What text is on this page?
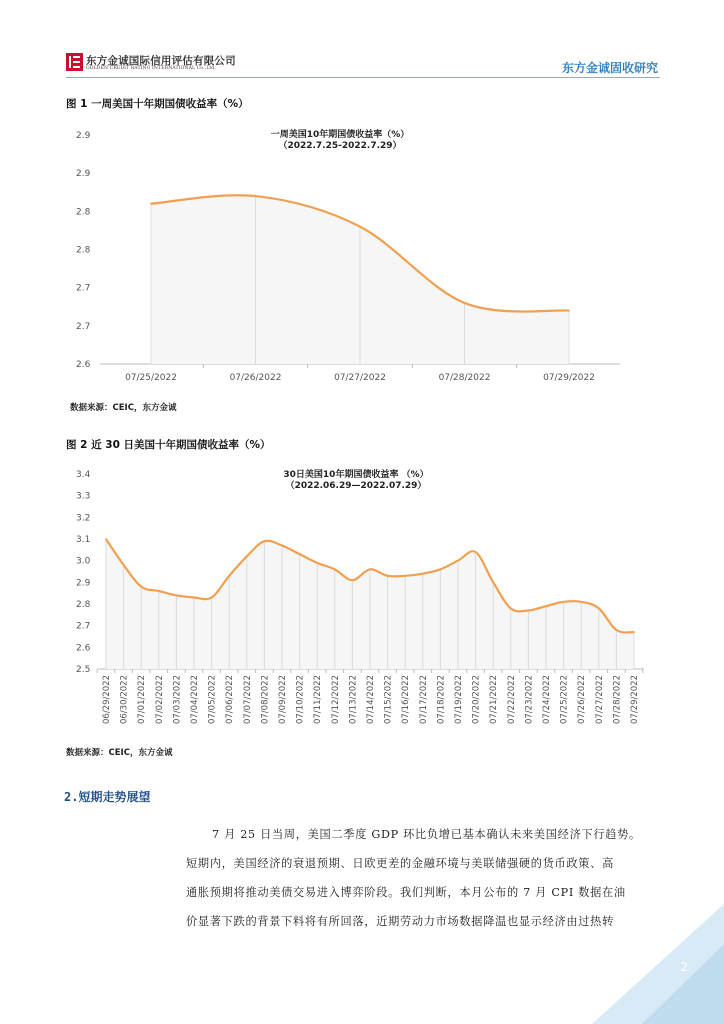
东方金诚国际信用评估有限公司
GOLDEN CREDIT RATING INTERNATIONAL Co.,Ltd.	东方金诚固收研究
图 1 一周美国十年期国债收益率（%）
一周美国10年期国债收益率（%）
（2022.7.25-2022.7.29）
2.9
2.9
2.8
2.8
2.7
2.7
2.6
07/25/2022	07/26/2022	07/27/2022	07/28/2022	07/29/2022
数据来源：CEIC，东方金诚
图 2 近 30 日美国十年期国债收益率（%）
30日美国10年期国债收益率 （%）
（2022.06.29—2022.07.29）
3.4
3.3
3.2
3.1
3.0
2.9
2.8
2.7
2.6
2.5
06/29/2022 06/30/2022 07/01/2022 07/02/2022 07/03/2022 07/04/2022 07/05/2022 07/06/2022 07/07/2022 07/08/2022 07/09/2022 07/10/2022 07/11/2022 07/12/2022 07/13/2022 07/14/2022 07/15/2022 07/16/2022 07/17/2022 07/18/2022 07/19/2022 07/20/2022 07/21/2022 07/22/2022 07/23/2022 07/24/2022 07/25/2022 07/26/2022 07/27/2022 07/28/2022 07/29/2022
数据来源：CEIC，东方金诚
2.短期走势展望
7 月 25 日当周，美国二季度 GDP 环比负增已基本确认未来美国经济下行趋势。
短期内，美国经济的衰退预期、日欧更差的金融环境与美联储强硬的货币政策、高
通胀预期将推动美债交易进入博弈阶段。我们判断，本月公布的 7 月 CPI 数据在油
价显著下跌的背景下料将有所回落，近期劳动力市场数据降温也显示经济由过热转
2
